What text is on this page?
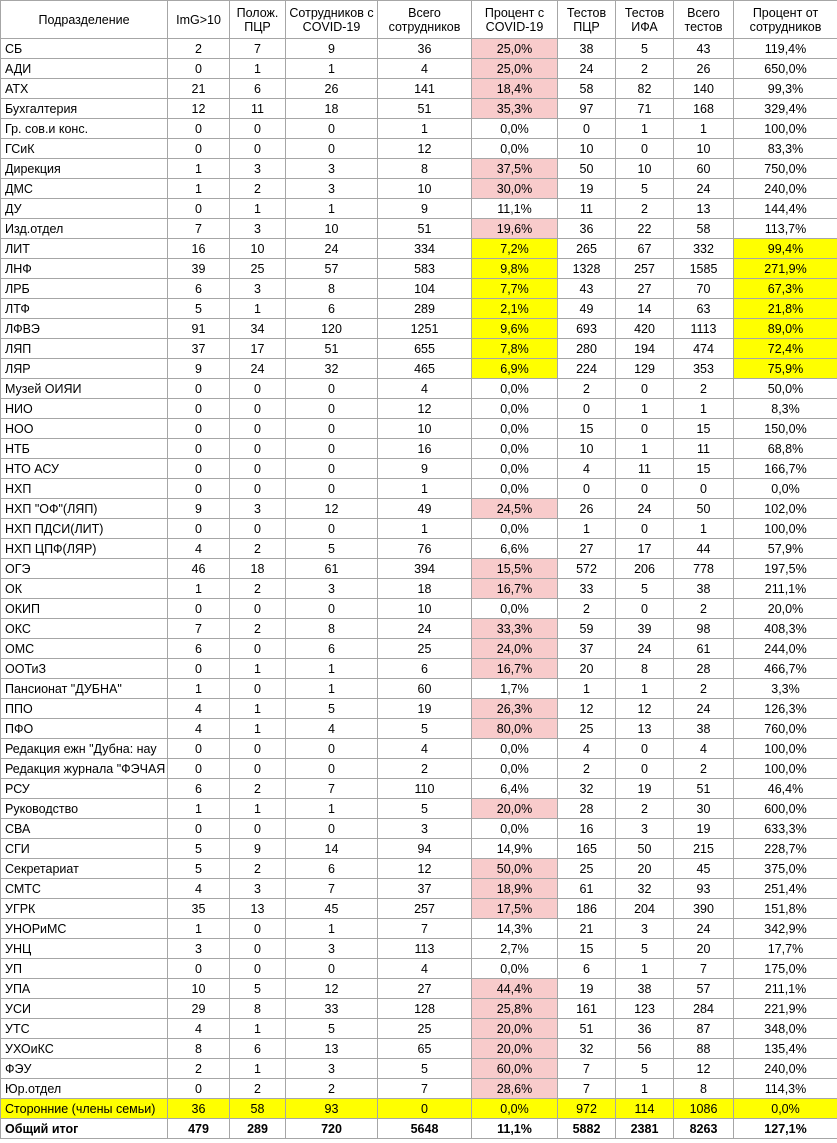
Подразделение	ImG>10	Полож. ПЦР	Сотрудников с COVID-19	Всего сотрудников	Процент с COVID-19	Тестов ПЦР	Тестов ИФА	Всего тестов	Процент от сотрудников
СБ	2	7	9	36	25,0%	38	5	43	119,4%
АДИ	0	1	1	4	25,0%	24	2	26	650,0%
АТХ	21	6	26	141	18,4%	58	82	140	99,3%
Бухгалтерия	12	11	18	51	35,3%	97	71	168	329,4%
Гр. сов.и конс.	0	0	0	1	0,0%	0	1	1	100,0%
ГСиК	0	0	0	12	0,0%	10	0	10	83,3%
Дирекция	1	3	3	8	37,5%	50	10	60	750,0%
ДМС	1	2	3	10	30,0%	19	5	24	240,0%
ДУ	0	1	1	9	11,1%	11	2	13	144,4%
Изд.отдел	7	3	10	51	19,6%	36	22	58	113,7%
ЛИТ	16	10	24	334	7,2%	265	67	332	99,4%
ЛНФ	39	25	57	583	9,8%	1328	257	1585	271,9%
ЛРБ	6	3	8	104	7,7%	43	27	70	67,3%
ЛТФ	5	1	6	289	2,1%	49	14	63	21,8%
ЛФВЭ	91	34	120	1251	9,6%	693	420	1113	89,0%
ЛЯП	37	17	51	655	7,8%	280	194	474	72,4%
ЛЯР	9	24	32	465	6,9%	224	129	353	75,9%
Музей ОИЯИ	0	0	0	4	0,0%	2	0	2	50,0%
НИО	0	0	0	12	0,0%	0	1	1	8,3%
НОО	0	0	0	10	0,0%	15	0	15	150,0%
НТБ	0	0	0	16	0,0%	10	1	11	68,8%
НТО АСУ	0	0	0	9	0,0%	4	11	15	166,7%
НХП	0	0	0	1	0,0%	0	0	0	0,0%
НХП "ОФ"(ЛЯП)	9	3	12	49	24,5%	26	24	50	102,0%
НХП ПДСИ(ЛИТ)	0	0	0	1	0,0%	1	0	1	100,0%
НХП ЦПФ(ЛЯР)	4	2	5	76	6,6%	27	17	44	57,9%
ОГЭ	46	18	61	394	15,5%	572	206	778	197,5%
ОК	1	2	3	18	16,7%	33	5	38	211,1%
ОКИП	0	0	0	10	0,0%	2	0	2	20,0%
ОКС	7	2	8	24	33,3%	59	39	98	408,3%
ОМС	6	0	6	25	24,0%	37	24	61	244,0%
ООТиЗ	0	1	1	6	16,7%	20	8	28	466,7%
Пансионат "ДУБНА"	1	0	1	60	1,7%	1	1	2	3,3%
ППО	4	1	5	19	26,3%	12	12	24	126,3%
ПФО	4	1	4	5	80,0%	25	13	38	760,0%
Редакция ежн "Дубна: нау	0	0	0	4	0,0%	4	0	4	100,0%
Редакция журнала "ФЭЧАЯ	0	0	0	2	0,0%	2	0	2	100,0%
РСУ	6	2	7	110	6,4%	32	19	51	46,4%
Руководство	1	1	1	5	20,0%	28	2	30	600,0%
СВА	0	0	0	3	0,0%	16	3	19	633,3%
СГИ	5	9	14	94	14,9%	165	50	215	228,7%
Секретариат	5	2	6	12	50,0%	25	20	45	375,0%
СМТС	4	3	7	37	18,9%	61	32	93	251,4%
УГРК	35	13	45	257	17,5%	186	204	390	151,8%
УНОРиМС	1	0	1	7	14,3%	21	3	24	342,9%
УНЦ	3	0	3	113	2,7%	15	5	20	17,7%
УП	0	0	0	4	0,0%	6	1	7	175,0%
УПА	10	5	12	27	44,4%	19	38	57	211,1%
УСИ	29	8	33	128	25,8%	161	123	284	221,9%
УТС	4	1	5	25	20,0%	51	36	87	348,0%
УХОиКС	8	6	13	65	20,0%	32	56	88	135,4%
ФЭУ	2	1	3	5	60,0%	7	5	12	240,0%
Юр.отдел	0	2	2	7	28,6%	7	1	8	114,3%
Сторонние (члены семьи)	36	58	93	0	0,0%	972	114	1086	0,0%
Общий итог	479	289	720	5648	11,1%	5882	2381	8263	127,1%
